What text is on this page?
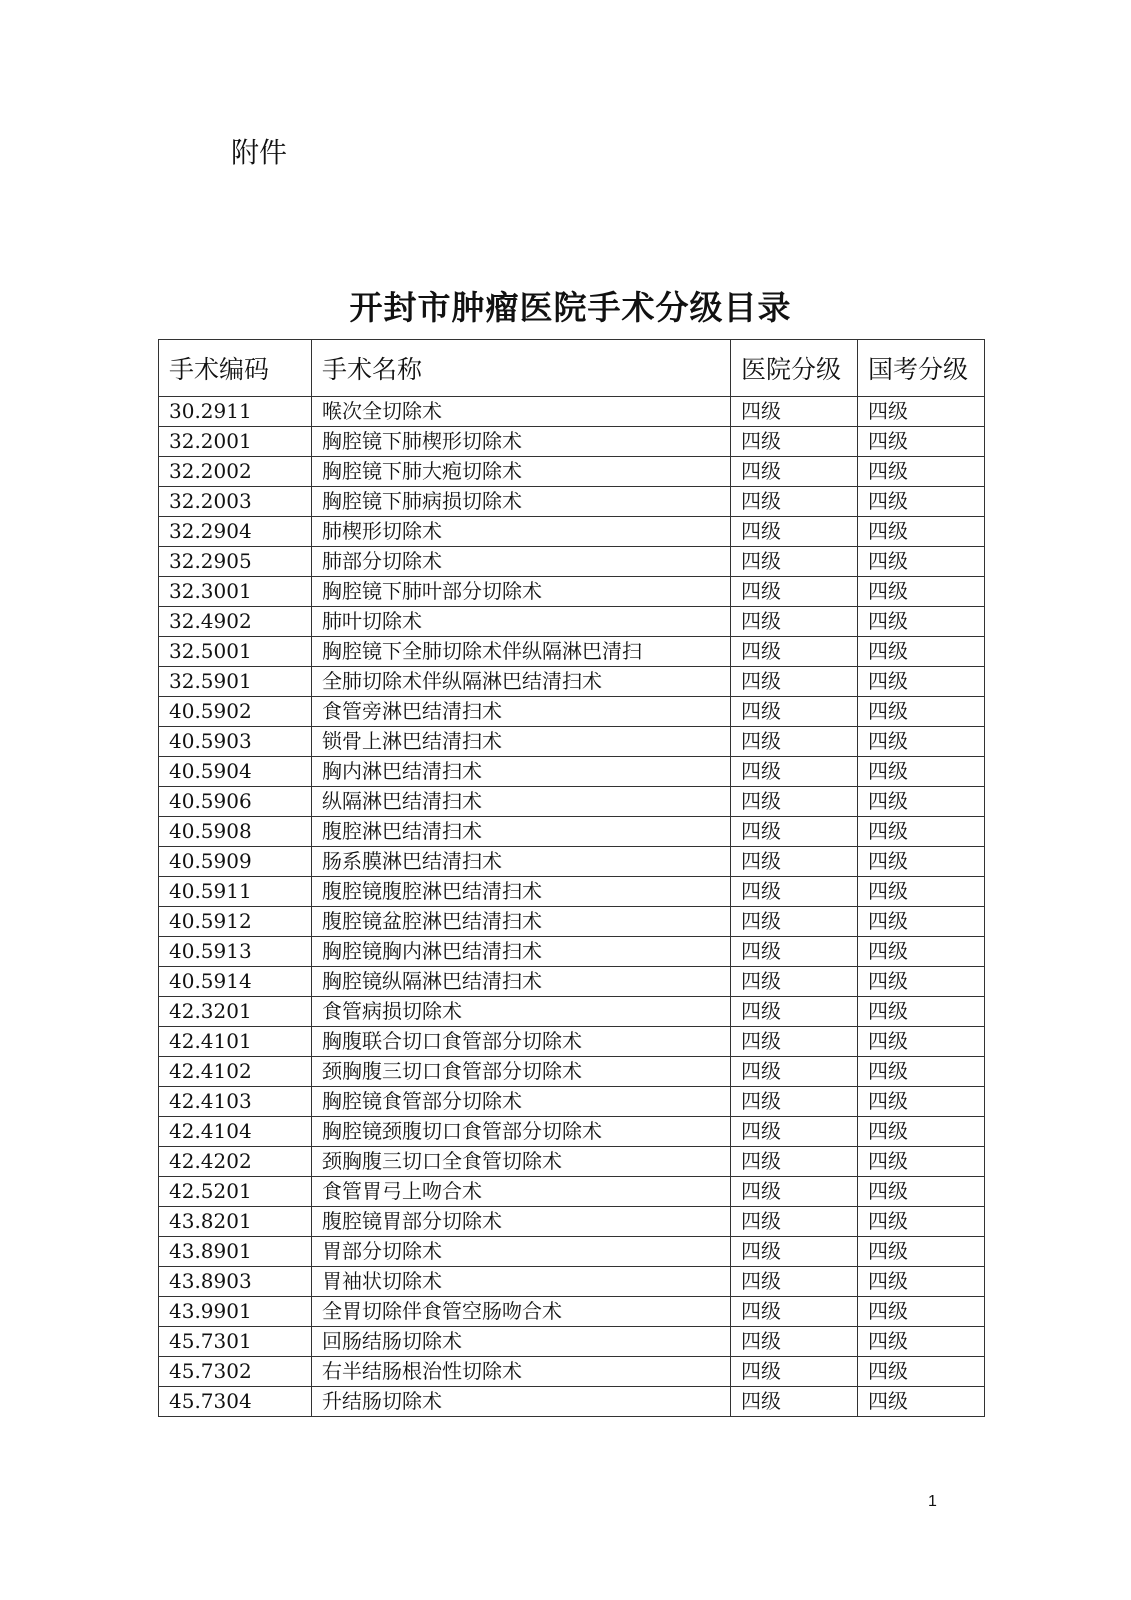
附件
开封市肿瘤医院手术分级目录
手术编码	手术名称	医院分级	国考分级
30.2911	喉次全切除术	四级	四级
32.2001	胸腔镜下肺楔形切除术	四级	四级
32.2002	胸腔镜下肺大疱切除术	四级	四级
32.2003	胸腔镜下肺病损切除术	四级	四级
32.2904	肺楔形切除术	四级	四级
32.2905	肺部分切除术	四级	四级
32.3001	胸腔镜下肺叶部分切除术	四级	四级
32.4902	肺叶切除术	四级	四级
32.5001	胸腔镜下全肺切除术伴纵隔淋巴清扫	四级	四级
32.5901	全肺切除术伴纵隔淋巴结清扫术	四级	四级
40.5902	食管旁淋巴结清扫术	四级	四级
40.5903	锁骨上淋巴结清扫术	四级	四级
40.5904	胸内淋巴结清扫术	四级	四级
40.5906	纵隔淋巴结清扫术	四级	四级
40.5908	腹腔淋巴结清扫术	四级	四级
40.5909	肠系膜淋巴结清扫术	四级	四级
40.5911	腹腔镜腹腔淋巴结清扫术	四级	四级
40.5912	腹腔镜盆腔淋巴结清扫术	四级	四级
40.5913	胸腔镜胸内淋巴结清扫术	四级	四级
40.5914	胸腔镜纵隔淋巴结清扫术	四级	四级
42.3201	食管病损切除术	四级	四级
42.4101	胸腹联合切口食管部分切除术	四级	四级
42.4102	颈胸腹三切口食管部分切除术	四级	四级
42.4103	胸腔镜食管部分切除术	四级	四级
42.4104	胸腔镜颈腹切口食管部分切除术	四级	四级
42.4202	颈胸腹三切口全食管切除术	四级	四级
42.5201	食管胃弓上吻合术	四级	四级
43.8201	腹腔镜胃部分切除术	四级	四级
43.8901	胃部分切除术	四级	四级
43.8903	胃袖状切除术	四级	四级
43.9901	全胃切除伴食管空肠吻合术	四级	四级
45.7301	回肠结肠切除术	四级	四级
45.7302	右半结肠根治性切除术	四级	四级
45.7304	升结肠切除术	四级	四级
1
